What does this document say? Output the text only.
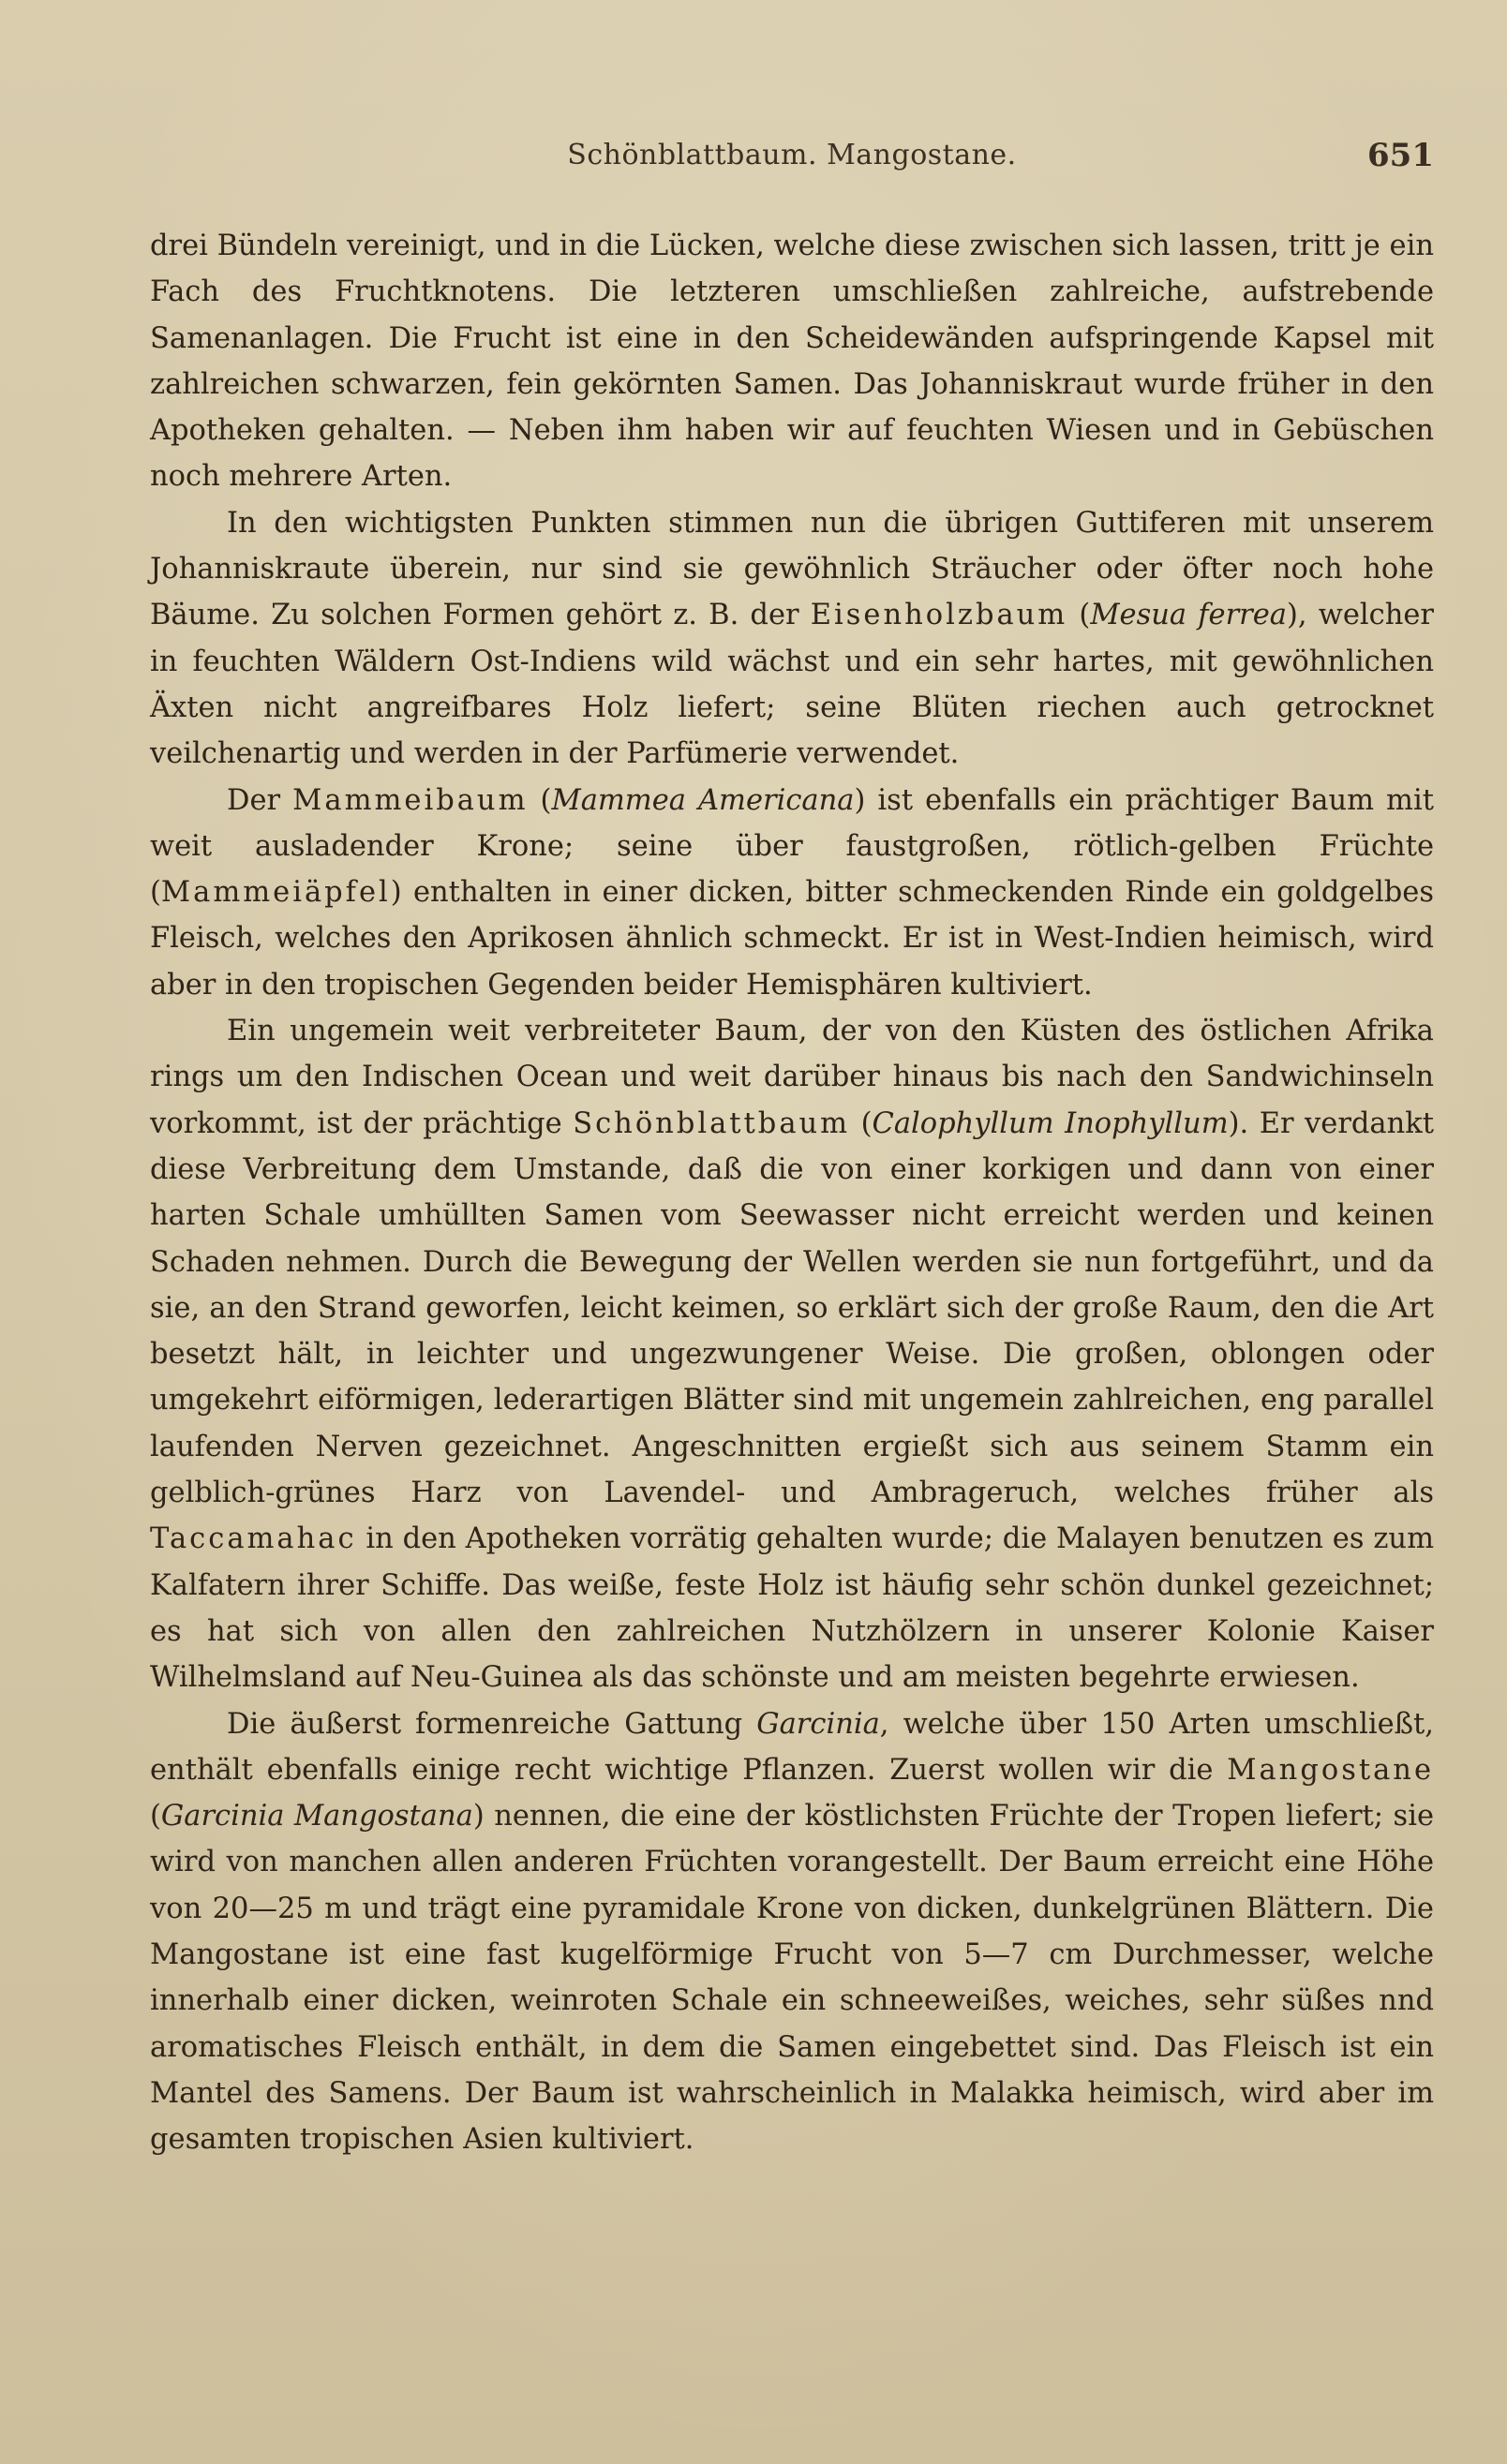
Schönblattbaum. Mangostane.	651

drei Bündeln vereinigt, und in die Lücken, welche diese zwischen sich lassen, tritt je ein Fach des Fruchtknotens. Die letzteren umschließen zahlreiche, aufstrebende Samenanlagen. Die Frucht ist eine in den Scheidewänden aufspringende Kapsel mit zahlreichen schwarzen, fein gekörnten Samen. Das Johanniskraut wurde früher in den Apotheken gehalten. — Neben ihm haben wir auf feuchten Wiesen und in Gebüschen noch mehrere Arten.

In den wichtigsten Punkten stimmen nun die übrigen Guttiferen mit unserem Johanniskraute überein, nur sind sie gewöhnlich Sträucher oder öfter noch hohe Bäume. Zu solchen Formen gehört z. B. der Eisenholzbaum (Mesua ferrea), welcher in feuchten Wäldern Ost-Indiens wild wächst und ein sehr hartes, mit gewöhnlichen Äxten nicht angreifbares Holz liefert; seine Blüten riechen auch getrocknet veilchenartig und werden in der Parfümerie verwendet.

Der Mammeibaum (Mammea Americana) ist ebenfalls ein prächtiger Baum mit weit ausladender Krone; seine über faustgroßen, rötlich-gelben Früchte (Mammeiäpfel) enthalten in einer dicken, bitter schmeckenden Rinde ein goldgelbes Fleisch, welches den Aprikosen ähnlich schmeckt. Er ist in West-Indien heimisch, wird aber in den tropischen Gegenden beider Hemisphären kultiviert.

Ein ungemein weit verbreiteter Baum, der von den Küsten des östlichen Afrika rings um den Indischen Ocean und weit darüber hinaus bis nach den Sandwichinseln vorkommt, ist der prächtige Schönblattbaum (Calophyllum Inophyllum). Er verdankt diese Verbreitung dem Umstande, daß die von einer korkigen und dann von einer harten Schale umhüllten Samen vom Seewasser nicht erreicht werden und keinen Schaden nehmen. Durch die Bewegung der Wellen werden sie nun fortgeführt, und da sie, an den Strand geworfen, leicht keimen, so erklärt sich der große Raum, den die Art besetzt hält, in leichter und ungezwungener Weise. Die großen, oblongen oder umgekehrt eiförmigen, lederartigen Blätter sind mit ungemein zahlreichen, eng parallel laufenden Nerven gezeichnet. Angeschnitten ergießt sich aus seinem Stamm ein gelblich-grünes Harz von Lavendel- und Ambrageruch, welches früher als Taccamahac in den Apotheken vorrätig gehalten wurde; die Malayen benutzen es zum Kalfatern ihrer Schiffe. Das weiße, feste Holz ist häufig sehr schön dunkel gezeichnet; es hat sich von allen den zahlreichen Nutzhölzern in unserer Kolonie Kaiser Wilhelmsland auf Neu-Guinea als das schönste und am meisten begehrte erwiesen.

Die äußerst formenreiche Gattung Garcinia, welche über 150 Arten umschließt, enthält ebenfalls einige recht wichtige Pflanzen. Zuerst wollen wir die Mangostane (Garcinia Mangostana) nennen, die eine der köstlichsten Früchte der Tropen liefert; sie wird von manchen allen anderen Früchten vorangestellt. Der Baum erreicht eine Höhe von 20—25 m und trägt eine pyramidale Krone von dicken, dunkelgrünen Blättern. Die Mangostane ist eine fast kugelförmige Frucht von 5—7 cm Durchmesser, welche innerhalb einer dicken, weinroten Schale ein schneeweißes, weiches, sehr süßes nnd aromatisches Fleisch enthält, in dem die Samen eingebettet sind. Das Fleisch ist ein Mantel des Samens. Der Baum ist wahrscheinlich in Malakka heimisch, wird aber im gesamten tropischen Asien kultiviert.
